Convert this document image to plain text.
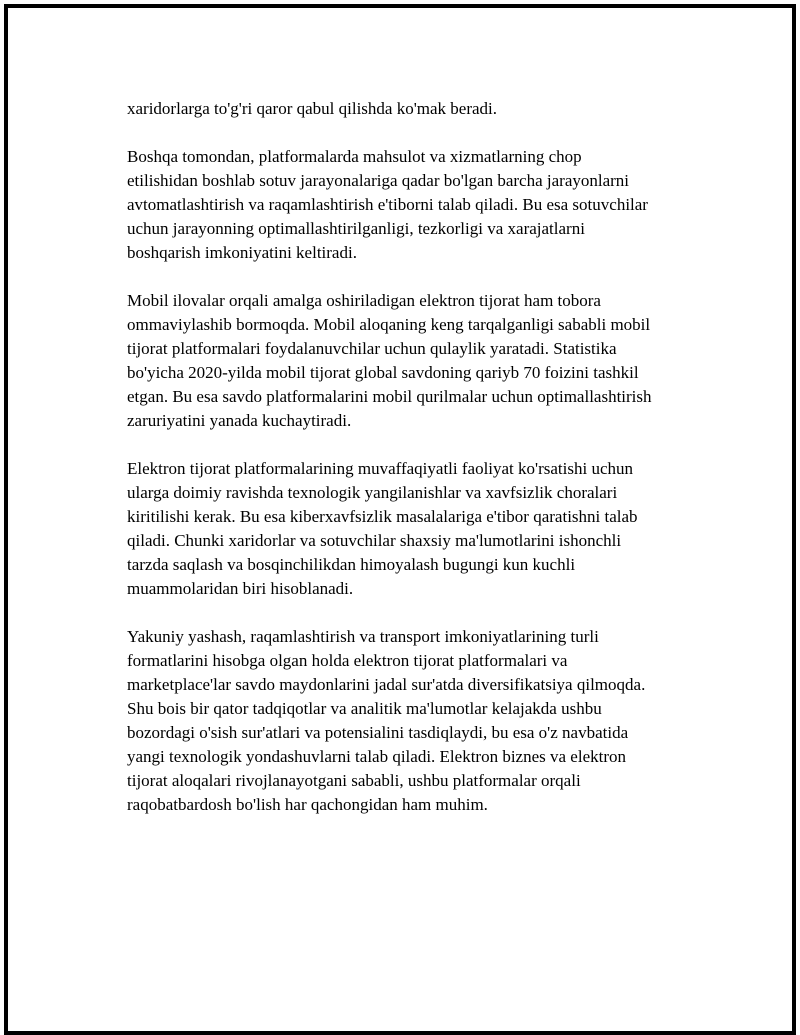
xaridorlarga to'g'ri qaror qabul qilishda ko'mak beradi.

Boshqa tomondan, platformalarda mahsulot va xizmatlarning chop
etilishidan boshlab sotuv jarayonalariga qadar bo'lgan barcha jarayonlarni
avtomatlashtirish va raqamlashtirish e'tiborni talab qiladi. Bu esa sotuvchilar
uchun jarayonning optimallashtirilganligi, tezkorligi va xarajatlarni
boshqarish imkoniyatini keltiradi.

Mobil ilovalar orqali amalga oshiriladigan elektron tijorat ham tobora
ommaviylashib bormoqda. Mobil aloqaning keng tarqalganligi sababli mobil
tijorat platformalari foydalanuvchilar uchun qulaylik yaratadi. Statistika
bo'yicha 2020-yilda mobil tijorat global savdoning qariyb 70 foizini tashkil
etgan. Bu esa savdo platformalarini mobil qurilmalar uchun optimallashtirish
zaruriyatini yanada kuchaytiradi.

Elektron tijorat platformalarining muvaffaqiyatli faoliyat ko'rsatishi uchun
ularga doimiy ravishda texnologik yangilanishlar va xavfsizlik choralari
kiritilishi kerak. Bu esa kiberxavfsizlik masalalariga e'tibor qaratishni talab
qiladi. Chunki xaridorlar va sotuvchilar shaxsiy ma'lumotlarini ishonchli
tarzda saqlash va bosqinchilikdan himoyalash bugungi kun kuchli
muammolaridan biri hisoblanadi.

Yakuniy yashash, raqamlashtirish va transport imkoniyatlarining turli
formatlarini hisobga olgan holda elektron tijorat platformalari va
marketplace'lar savdo maydonlarini jadal sur'atda diversifikatsiya qilmoqda.
Shu bois bir qator tadqiqotlar va analitik ma'lumotlar kelajakda ushbu
bozordagi o'sish sur'atlari va potensialini tasdiqlaydi, bu esa o'z navbatida
yangi texnologik yondashuvlarni talab qiladi. Elektron biznes va elektron
tijorat aloqalari rivojlanayotgani sababli, ushbu platformalar orqali
raqobatbardosh bo'lish har qachongidan ham muhim.
